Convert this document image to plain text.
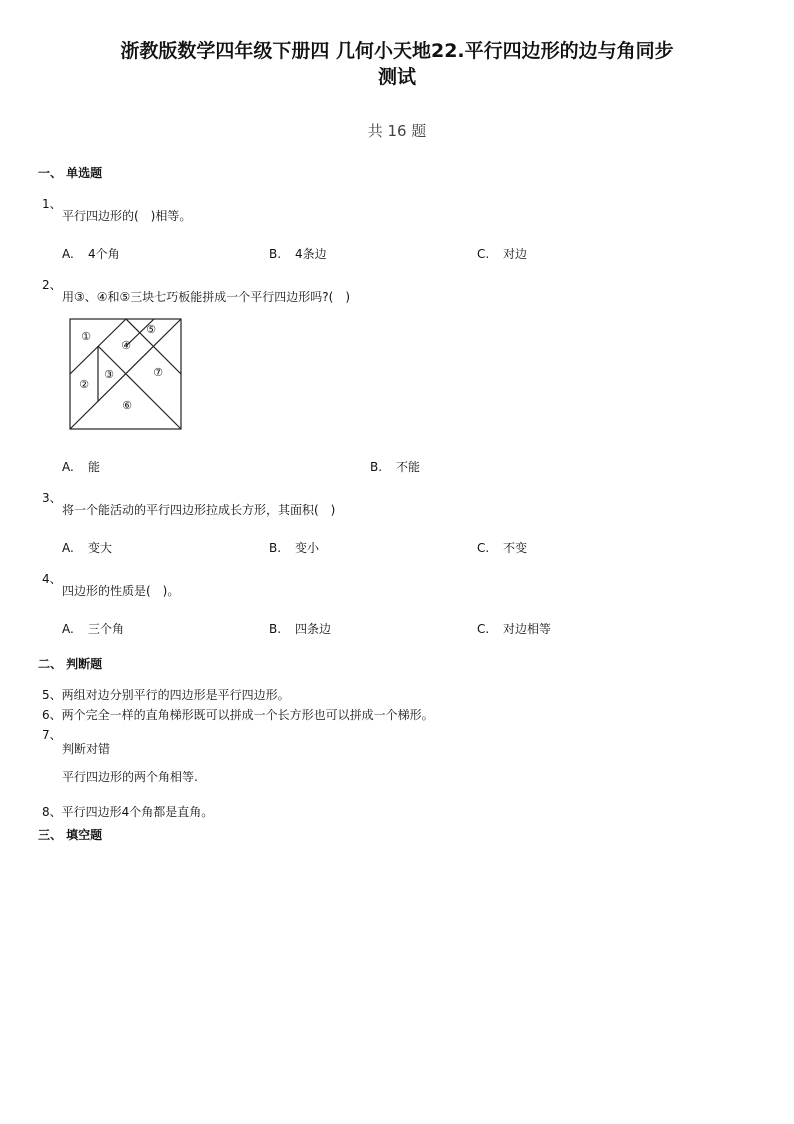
浙教版数学四年级下册四 几何小天地22.平行四边形的边与角同步
测试
共 16 题
一、 单选题
1、
平行四边形的(　)相等。
A. 4个角	B. 4条边	C. 对边
2、
用③、④和⑤三块七巧板能拼成一个平行四边形吗?(　)
①
④
⑤
②
③	⑦
⑥
A. 能	B. 不能
3、
将一个能活动的平行四边形拉成长方形，其面积(　)
A. 变大	B. 变小	C. 不变
4、
四边形的性质是(　)。
A. 三个角	B. 四条边	C. 对边相等
二、 判断题
5、两组对边分别平行的四边形是平行四边形。
6、两个完全一样的直角梯形既可以拼成一个长方形也可以拼成一个梯形。
7、
判断对错
平行四边形的两个角相等.
8、平行四边形4个角都是直角。
三、 填空题
